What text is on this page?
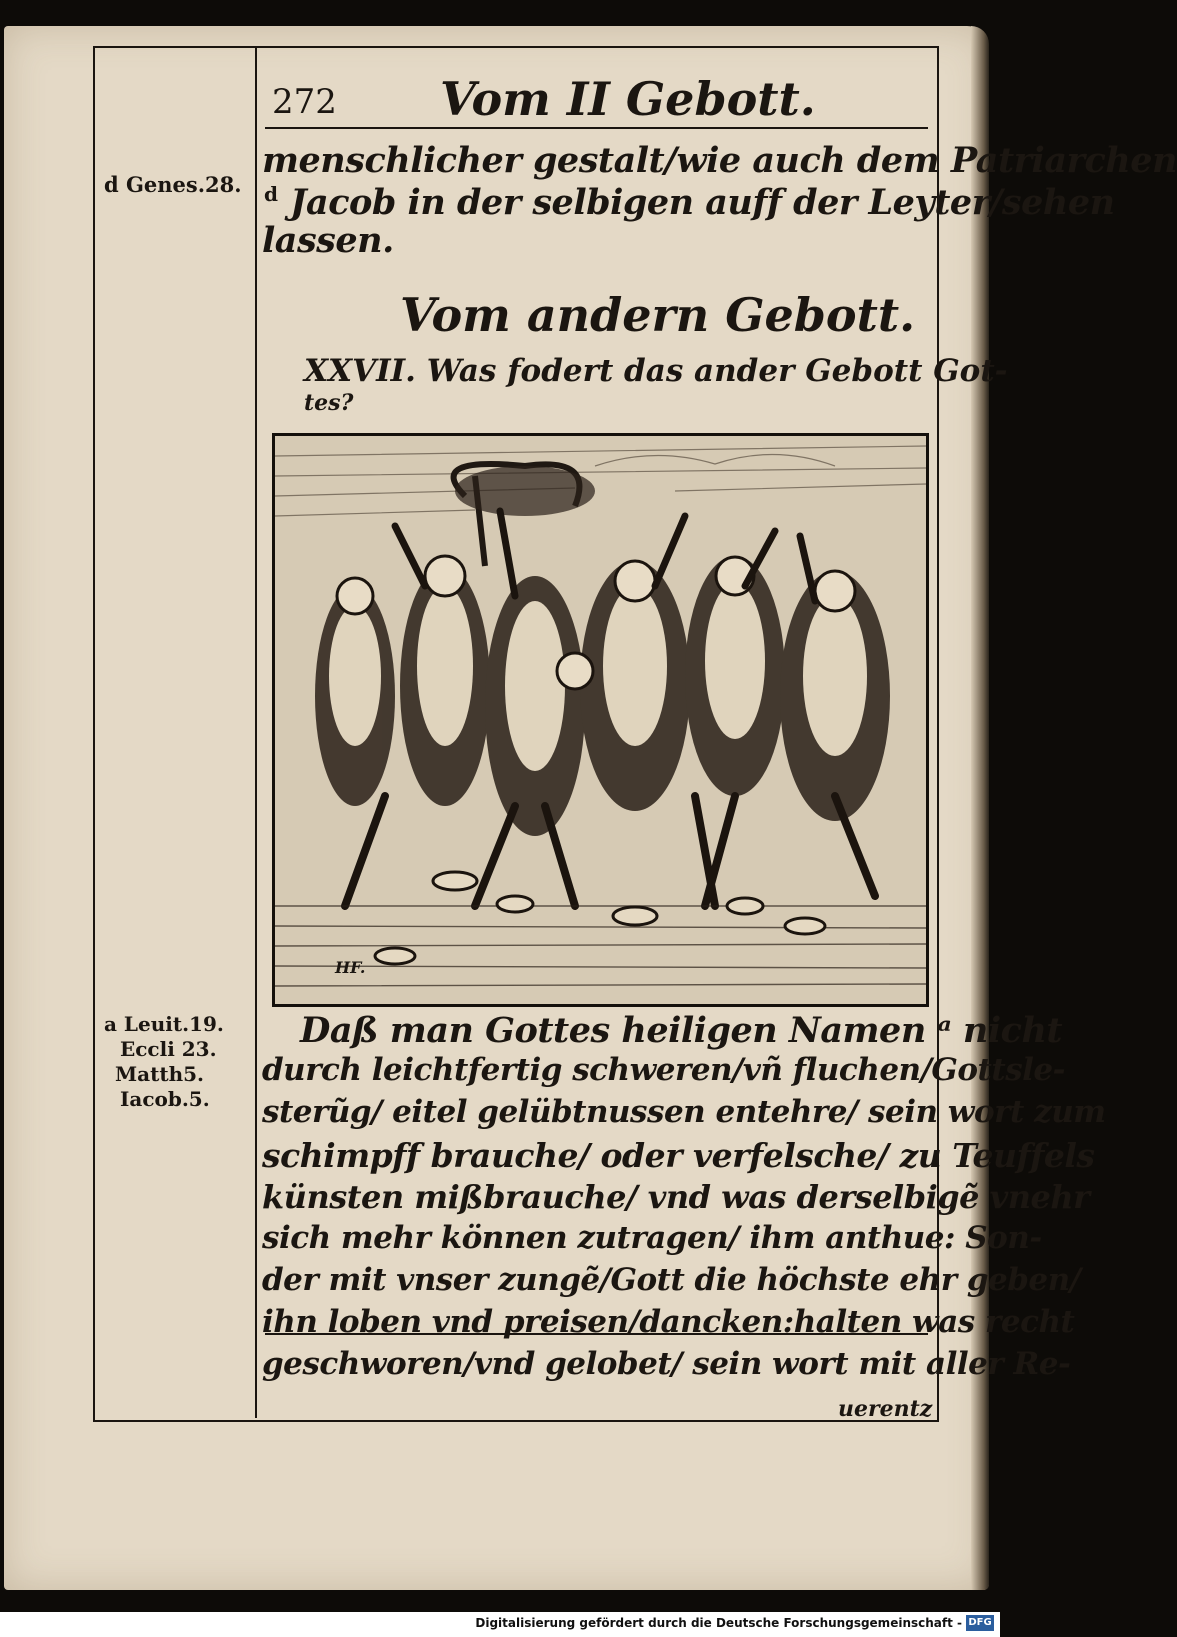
272 Vom II Gebott.
menschlicher gestalt/wie auch dem Patriarchen
d Jacob in der selbigen auff der Leyter/sehen
lassen.
d Genes.28.
Vom andern Gebott.
XXVII. Was fodert das ander Gebott Got-
tes?
HF.
a Leuit.19.
Eccli 23.
Matth5.
Iacob.5.
Daß man Gottes heiligen Namen ᵃ nicht
durch leichtfertig schweren/vñ fluchen/Gottsle-
sterũg/ eitel gelübtnussen entehre/ sein wort zum
schimpff brauche/ oder verfelsche/ zu Teuffels
künsten mißbrauche/ vnd was derselbigẽ vnehr
sich mehr können zutragen/ ihm anthue: Son-
der mit vnser zungẽ/Gott die höchste ehr geben/
ihn loben vnd preisen/dancken:halten was recht
geschworen/vnd gelobet/ sein wort mit aller Re-
uerentz
Digitalisierung gefördert durch die Deutsche Forschungsgemeinschaft - DFG
